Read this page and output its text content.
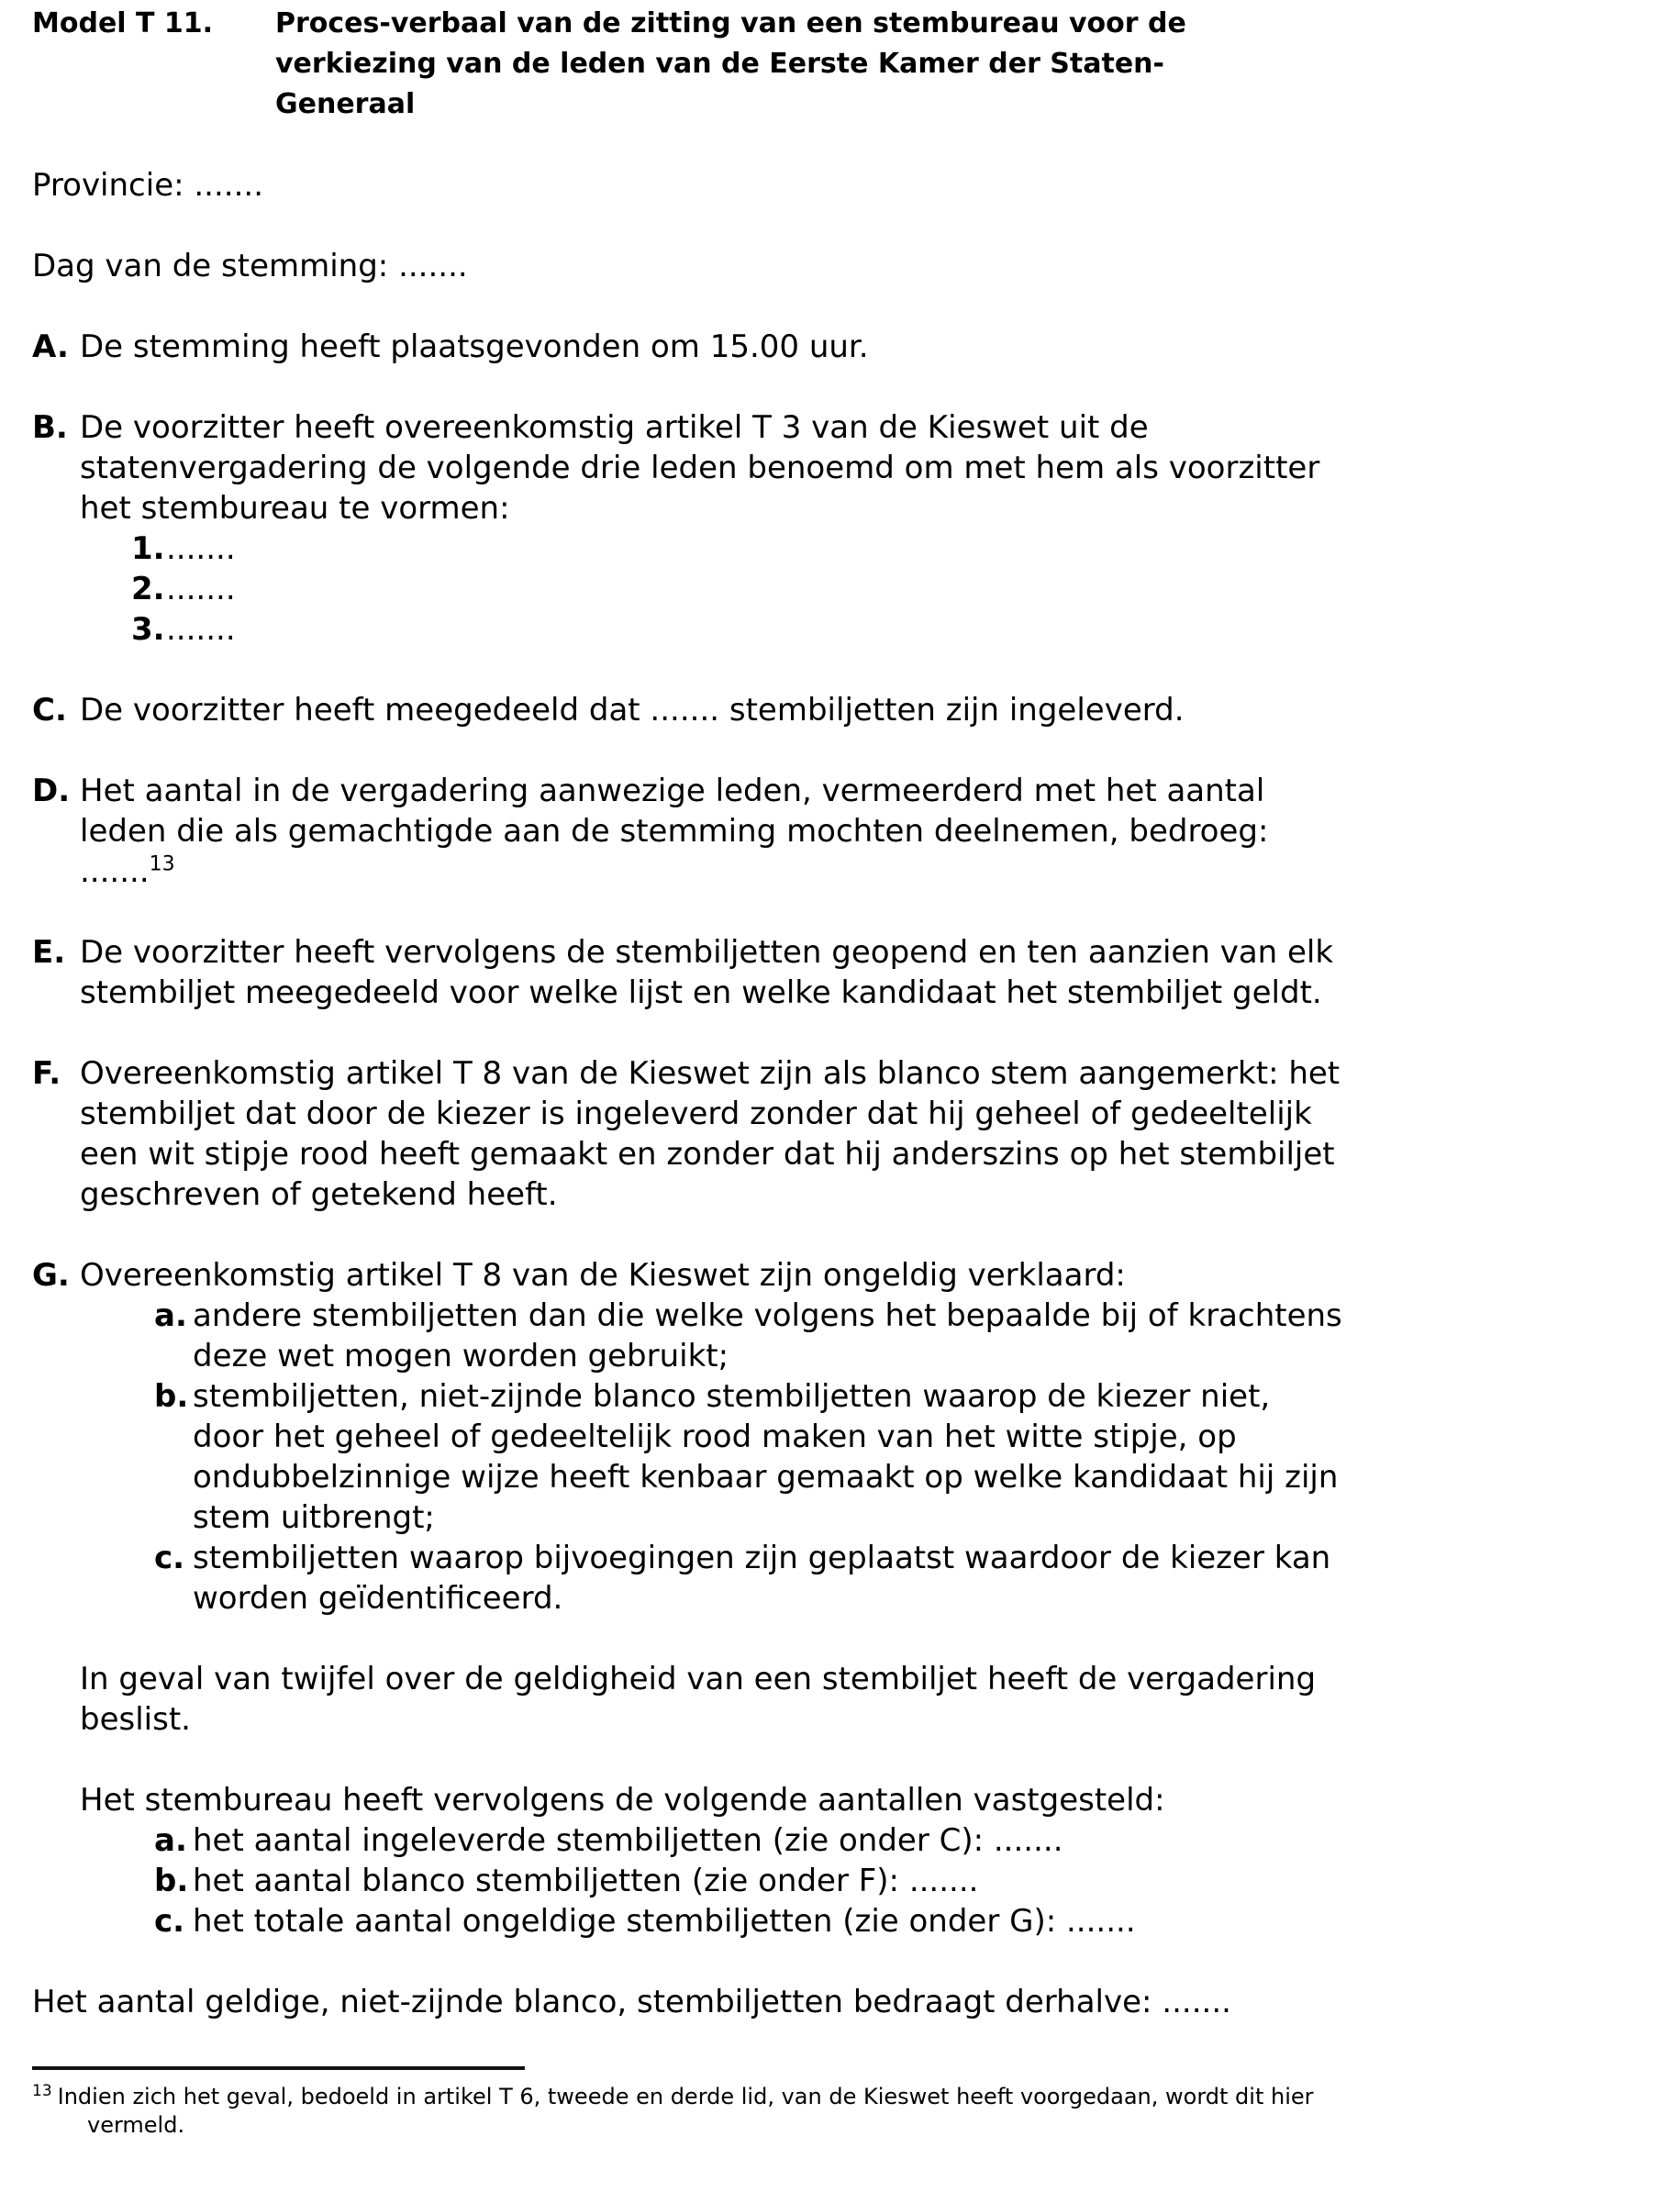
Model T 11. Proces-verbaal van de zitting van een stembureau voor de
verkiezing van de leden van de Eerste Kamer der Staten-
Generaal
Provincie: .......
Dag van de stemming: .......
A. De stemming heeft plaatsgevonden om 15.00 uur.
B. De voorzitter heeft overeenkomstig artikel T 3 van de Kieswet uit de
statenvergadering de volgende drie leden benoemd om met hem als voorzitter
het stembureau te vormen:
1........
2........
3........
C. De voorzitter heeft meegedeeld dat ....... stembiljetten zijn ingeleverd.
D. Het aantal in de vergadering aanwezige leden, vermeerderd met het aantal
leden die als gemachtigde aan de stemming mochten deelnemen, bedroeg:
.......$^{13}$
E. De voorzitter heeft vervolgens de stembiljetten geopend en ten aanzien van elk
stembiljet meegedeeld voor welke lijst en welke kandidaat het stembiljet geldt.
F. Overeenkomstig artikel T 8 van de Kieswet zijn als blanco stem aangemerkt: het
stembiljet dat door de kiezer is ingeleverd zonder dat hij geheel of gedeeltelijk
een wit stipje rood heeft gemaakt en zonder dat hij anderszins op het stembiljet
geschreven of getekend heeft.
G. Overeenkomstig artikel T 8 van de Kieswet zijn ongeldig verklaard:
a. andere stembiljetten dan die welke volgens het bepaalde bij of krachtens
deze wet mogen worden gebruikt;
b. stembiljetten, niet-zijnde blanco stembiljetten waarop de kiezer niet,
door het geheel of gedeeltelijk rood maken van het witte stipje, op
ondubbelzinnige wijze heeft kenbaar gemaakt op welke kandidaat hij zijn
stem uitbrengt;
c. stembiljetten waarop bijvoegingen zijn geplaatst waardoor de kiezer kan
worden geïdentificeerd.
In geval van twijfel over de geldigheid van een stembiljet heeft de vergadering
beslist.
Het stembureau heeft vervolgens de volgende aantallen vastgesteld:
a. het aantal ingeleverde stembiljetten (zie onder C): .......
b. het aantal blanco stembiljetten (zie onder F): .......
c. het totale aantal ongeldige stembiljetten (zie onder G): .......
Het aantal geldige, niet-zijnde blanco, stembiljetten bedraagt derhalve: .......
$^{13}$ Indien zich het geval, bedoeld in artikel T 6, tweede en derde lid, van de Kieswet heeft voorgedaan, wordt dit hier
vermeld.
